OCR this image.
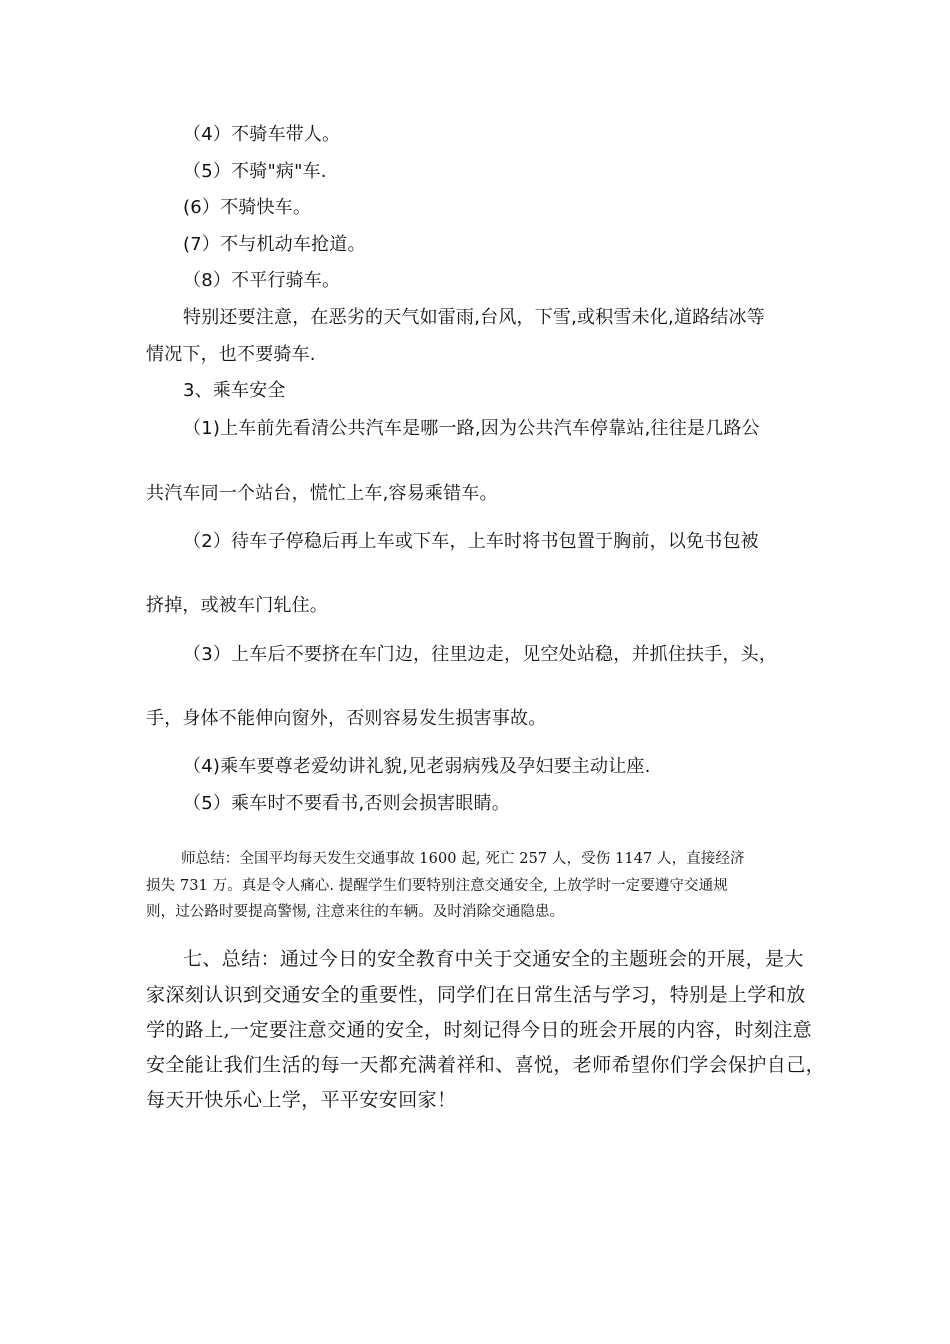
（4）不骑车带人。
（5）不骑"病"车.
(6）不骑快车。
(7）不与机动车抢道。
（8）不平行骑车。
特别还要注意，在恶劣的天气如雷雨,台风，下雪,或积雪未化,道路结冰等
情况下，也不要骑车.
3、乘车安全
（1)上车前先看清公共汽车是哪一路,因为公共汽车停靠站,往往是几路公
共汽车同一个站台，慌忙上车,容易乘错车。
（2）待车子停稳后再上车或下车，上车时将书包置于胸前，以免书包被
挤掉，或被车门轧住。
（3）上车后不要挤在车门边，往里边走，见空处站稳，并抓住扶手，头，
手，身体不能伸向窗外，否则容易发生损害事故。
（4)乘车要尊老爱幼讲礼貌,见老弱病残及孕妇要主动让座.
（5）乘车时不要看书,否则会损害眼睛。
师总结：全国平均每天发生交通事故 1600 起, 死亡 257 人，受伤 1147 人，直接经济
损失 731 万。真是令人痛心. 提醒学生们要特别注意交通安全, 上放学时一定要遵守交通规
则，过公路时要提高警惕, 注意来往的车辆。及时消除交通隐患。
七、总结：通过今日的安全教育中关于交通安全的主题班会的开展，是大
家深刻认识到交通安全的重要性，同学们在日常生活与学习，特别是上学和放
学的路上,一定要注意交通的安全，时刻记得今日的班会开展的内容，时刻注意
安全能让我们生活的每一天都充满着祥和、喜悦，老师希望你们学会保护自己，
每天开快乐心上学，平平安安回家！
